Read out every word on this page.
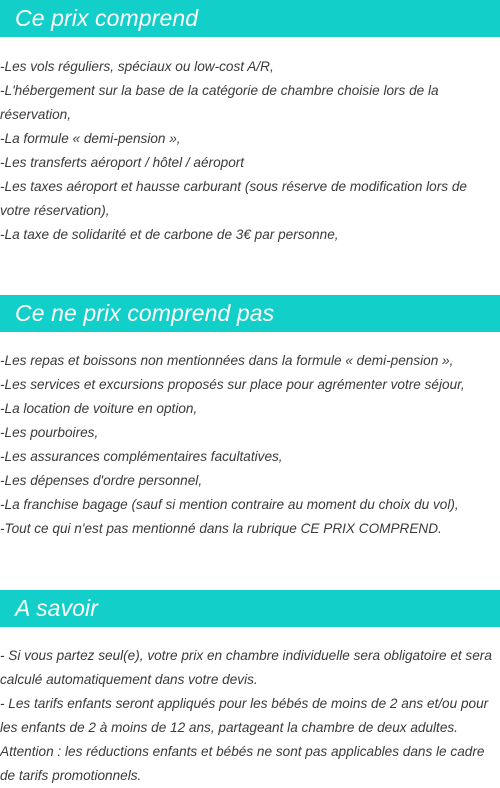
Ce prix comprend

-Les vols réguliers, spéciaux ou low-cost A/R,

-L'hébergement sur la base de la catégorie de chambre choisie lors de la réservation,

-La formule « demi-pension »,

-Les transferts aéroport / hôtel / aéroport

-Les taxes aéroport et hausse carburant (sous réserve de modification lors de votre réservation),

-La taxe de solidarité et de carbone de 3€ par personne,

Ce ne prix comprend pas

-Les repas et boissons non mentionnées dans la formule « demi-pension »,

-Les services et excursions proposés sur place pour agrémenter votre séjour,

-La location de voiture en option,

-Les pourboires,

-Les assurances complémentaires facultatives,

-Les dépenses d'ordre personnel,

-La franchise bagage (sauf si mention contraire au moment du choix du vol),

-Tout ce qui n'est pas mentionné dans la rubrique CE PRIX COMPREND.

A savoir

- Si vous partez seul(e), votre prix en chambre individuelle sera obligatoire et sera calculé automatiquement dans votre devis.

- Les tarifs enfants seront appliqués pour les bébés de moins de 2 ans et/ou pour les enfants de 2 à moins de 12 ans, partageant la chambre de deux adultes.

Attention : les réductions enfants et bébés ne sont pas applicables dans le cadre de tarifs promotionnels.
